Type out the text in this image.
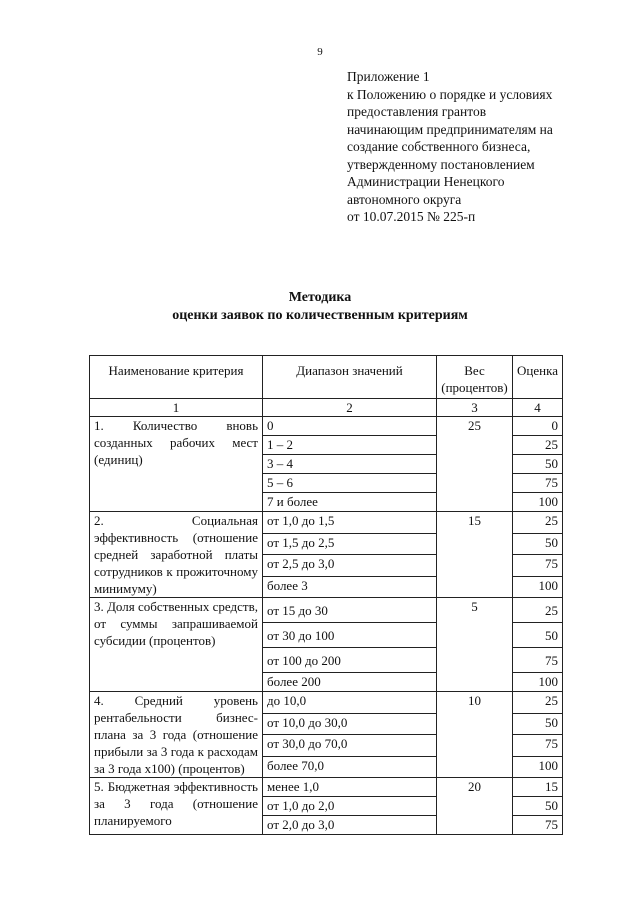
9
Приложение 1
к Положению о порядке и условиях
предоставления грантов
начинающим предпринимателям на
создание собственного бизнеса,
утвержденному постановлением
Администрации Ненецкого
автономного округа
от 10.07.2015 № 225-п
Методика
оценки заявок по количественным критериям
Наименование критерия	Диапазон значений	Вес (процентов)	Оценка
1	2	3	4
1. Количество вновь созданных рабочих мест (единиц)	0	25	0
	1 – 2		25
	3 – 4		50
	5 – 6		75
	7 и более		100
2. Социальная эффективность (отношение средней заработной платы сотрудников к прожиточному минимуму)	от 1,0 до 1,5	15	25
	от 1,5 до 2,5		50
	от 2,5 до 3,0		75
	более 3		100
3. Доля собственных средств, от суммы запрашиваемой субсидии (процентов)	от 15 до 30	5	25
	от 30 до 100		50
	от 100 до 200		75
	более 200		100
4. Средний уровень рентабельности бизнес-плана за 3 года (отношение прибыли за 3 года к расходам за 3 года х100) (процентов)	до 10,0	10	25
	от 10,0 до 30,0		50
	от 30,0 до 70,0		75
	более 70,0		100
5. Бюджетная эффективность за 3 года (отношение планируемого	менее 1,0	20	15
	от 1,0 до 2,0		50
	от 2,0 до 3,0		75
